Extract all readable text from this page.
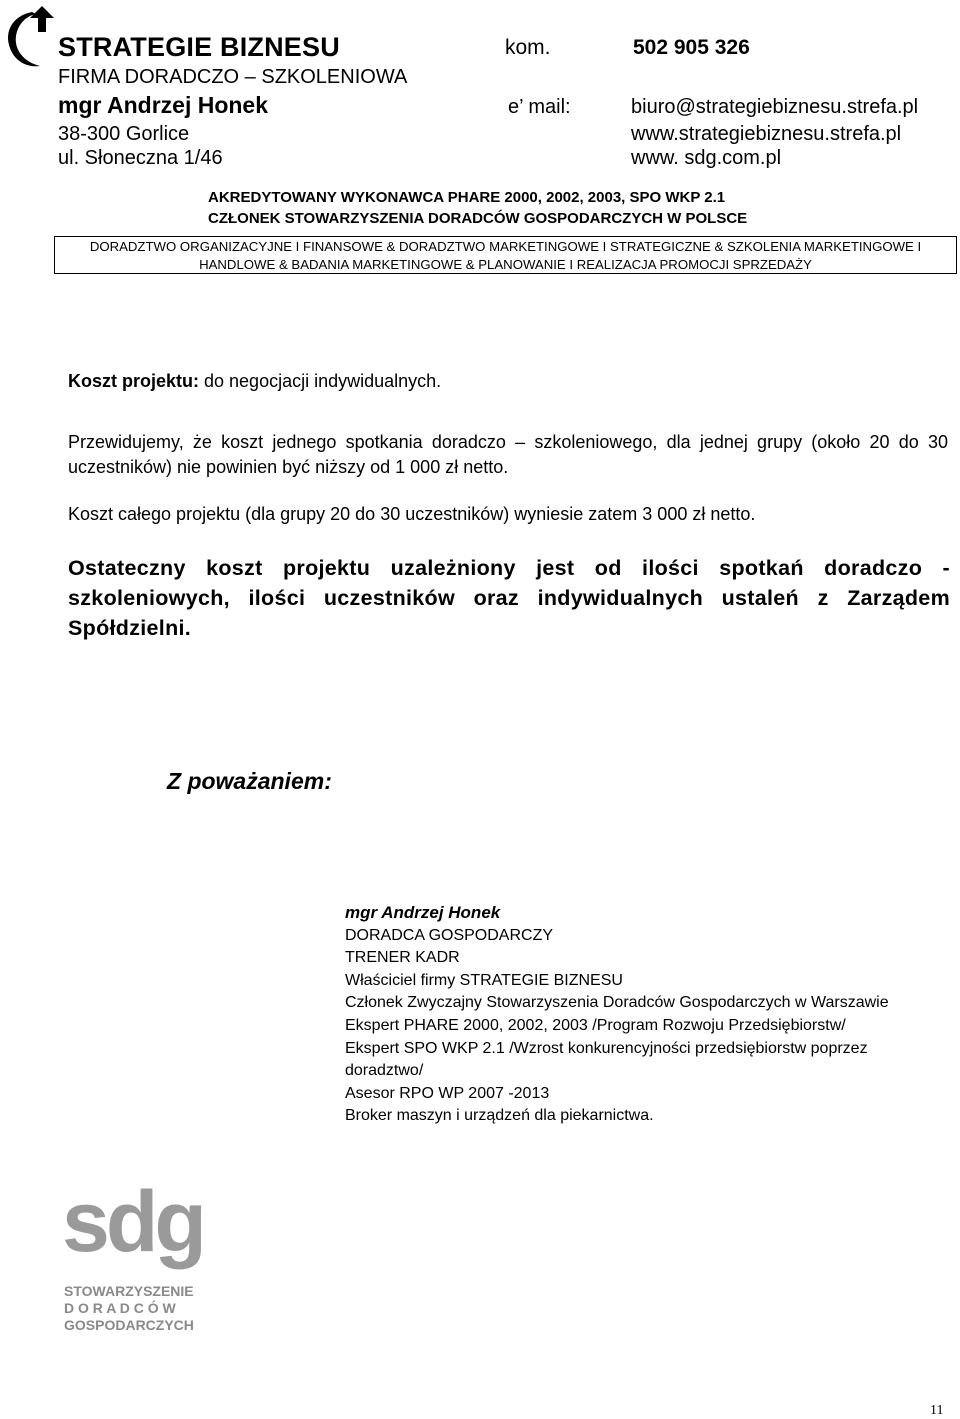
STRATEGIE BIZNESU
FIRMA DORADCZO – SZKOLENIOWA
mgr Andrzej Honek
38-300 Gorlice
ul. Słoneczna 1/46
kom.	502 905 326
e’ mail:	biuro@strategiebiznesu.strefa.pl
www.strategiebiznesu.strefa.pl
www. sdg.com.pl
AKREDYTOWANY WYKONAWCA PHARE 2000, 2002, 2003, SPO WKP 2.1
CZŁONEK STOWARZYSZENIA DORADCÓW GOSPODARCZYCH W POLSCE
DORADZTWO ORGANIZACYJNE I FINANSOWE & DORADZTWO MARKETINGOWE I STRATEGICZNE & SZKOLENIA MARKETINGOWE I
HANDLOWE & BADANIA MARKETINGOWE & PLANOWANIE I REALIZACJA PROMOCJI SPRZEDAŻY
Koszt projektu: do negocjacji indywidualnych.
Przewidujemy, że koszt jednego spotkania doradczo – szkoleniowego, dla jednej grupy (około 20 do 30 uczestników) nie powinien być niższy od 1 000 zł netto.
Koszt całego projektu (dla grupy 20 do 30 uczestników) wyniesie zatem 3 000 zł netto.
Ostateczny koszt projektu uzależniony jest od ilości spotkań doradczo - szkoleniowych, ilości uczestników oraz indywidualnych ustaleń z Zarządem Spółdzielni.
Z poważaniem:
mgr Andrzej Honek
DORADCA GOSPODARCZY
TRENER KADR
Właściciel firmy STRATEGIE BIZNESU
Członek Zwyczajny Stowarzyszenia Doradców Gospodarczych w Warszawie
Ekspert PHARE 2000, 2002, 2003 /Program Rozwoju Przedsiębiorstw/
Ekspert SPO WKP 2.1 /Wzrost konkurencyjności przedsiębiorstw poprzez
doradztwo/
Asesor RPO WP 2007 -2013
Broker maszyn i urządzeń dla piekarnictwa.
sdg
STOWARZYSZENIE
D O R A D C Ó W
GOSPODARCZYCH
11
